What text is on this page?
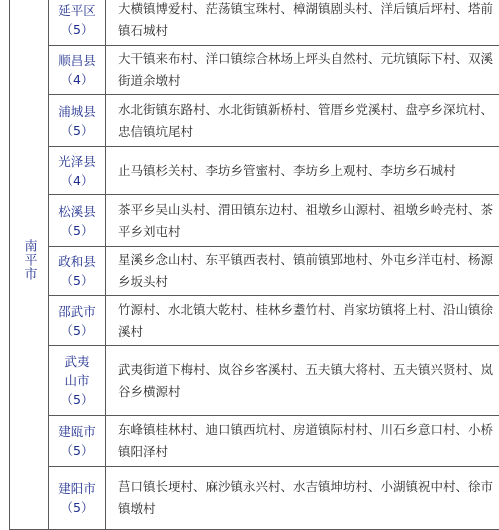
南平市	延平区
（5）	大横镇博爱村、茫荡镇宝珠村、樟湖镇剧头村、洋后镇后坪村、塔前镇石城村

	顺昌县
（4）	大干镇来布村、洋口镇综合林场上坪头自然村、元坑镇际下村、双溪街道余墩村

	浦城县
（5）	水北街镇东路村、水北街镇新桥村、管厝乡党溪村、盘亭乡深坑村、忠信镇坑尾村

	光泽县
（4）	止马镇杉关村、李坊乡管蜜村、李坊乡上观村、李坊乡石城村

	松溪县
（5）	茶平乡吴山头村、渭田镇东边村、祖墩乡山源村、祖墩乡岭壳村、茶平乡刘屯村

	政和县
（5）	星溪乡念山村、东平镇西表村、镇前镇郢地村、外屯乡洋屯村、杨源乡坂头村

	邵武市
（5）	竹源村、水北镇大乾村、桂林乡耋竹村、肖家坊镇将上村、沿山镇徐溪村

	武夷
山市
（5）	武夷街道下梅村、岚谷乡客溪村、五夫镇大将村、五夫镇兴贤村、岚谷乡横源村

	建瓯市
（5）	东峰镇桂林村、迪口镇西坑村、房道镇际村村、川石乡意口村、小桥镇阳泽村

	建阳市
（5）	莒口镇长埂村、麻沙镇永兴村、水吉镇坤坊村、小湖镇祝中村、徐市镇墩村
